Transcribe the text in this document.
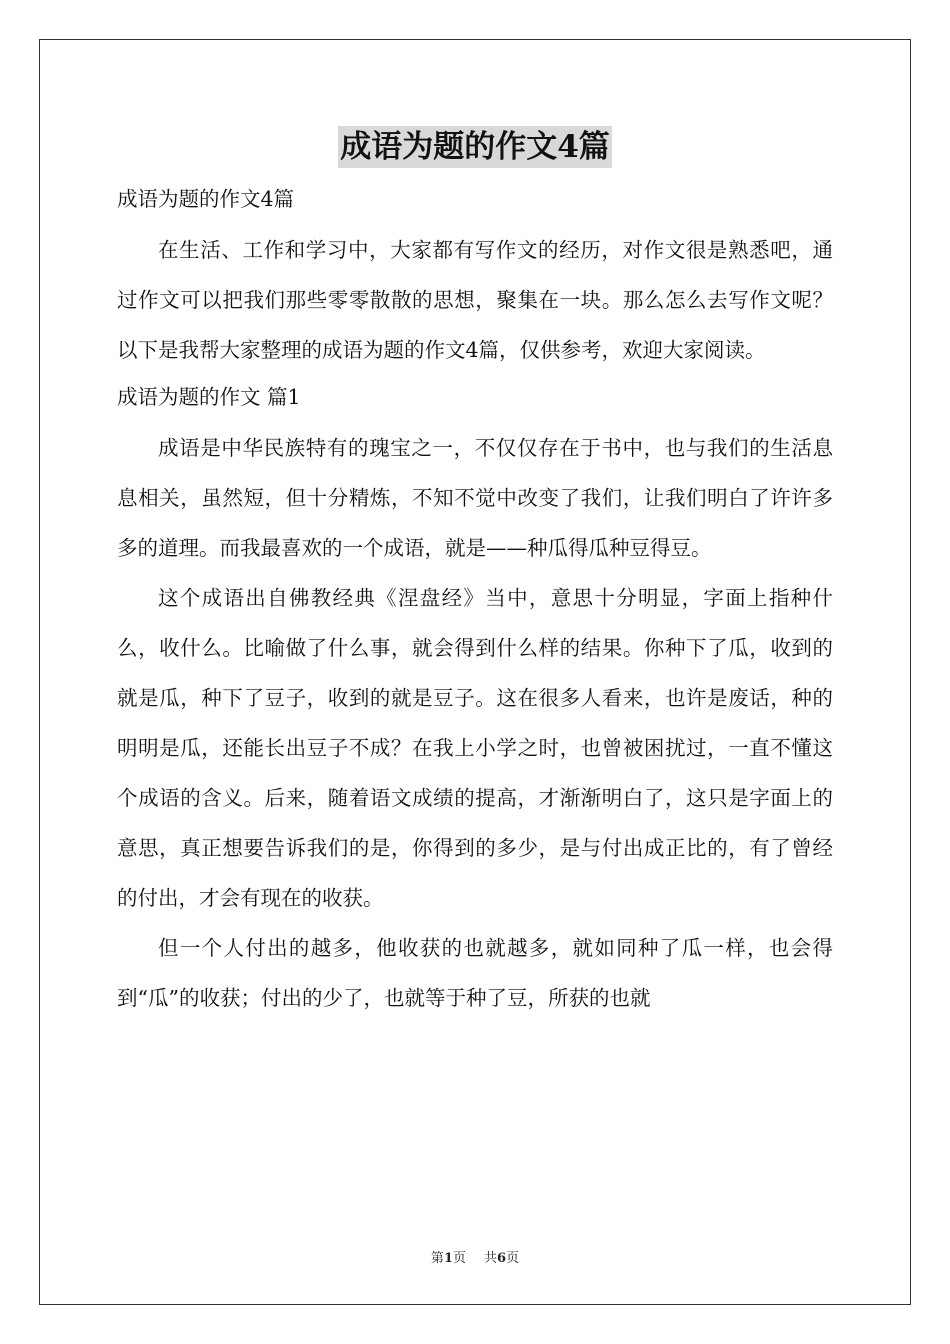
成语为题的作文4篇

成语为题的作文4篇

在生活、工作和学习中，大家都有写作文的经历，对作文很是熟悉吧，通过作文可以把我们那些零零散散的思想，聚集在一块。那么怎么去写作文呢？以下是我帮大家整理的成语为题的作文4篇，仅供参考，欢迎大家阅读。

成语为题的作文 篇1

成语是中华民族特有的瑰宝之一，不仅仅存在于书中，也与我们的生活息息相关，虽然短，但十分精炼，不知不觉中改变了我们，让我们明白了许许多多的道理。而我最喜欢的一个成语，就是——种瓜得瓜种豆得豆。

这个成语出自佛教经典《涅盘经》当中，意思十分明显，字面上指种什么，收什么。比喻做了什么事，就会得到什么样的结果。你种下了瓜，收到的就是瓜，种下了豆子，收到的就是豆子。这在很多人看来，也许是废话，种的明明是瓜，还能长出豆子不成？在我上小学之时，也曾被困扰过，一直不懂这个成语的含义。后来，随着语文成绩的提高，才渐渐明白了，这只是字面上的意思，真正想要告诉我们的是，你得到的多少，是与付出成正比的，有了曾经的付出，才会有现在的收获。

但一个人付出的越多，他收获的也就越多，就如同种了瓜一样，也会得到“瓜”的收获；付出的少了，也就等于种了豆，所获的也就

第1页 共6页
